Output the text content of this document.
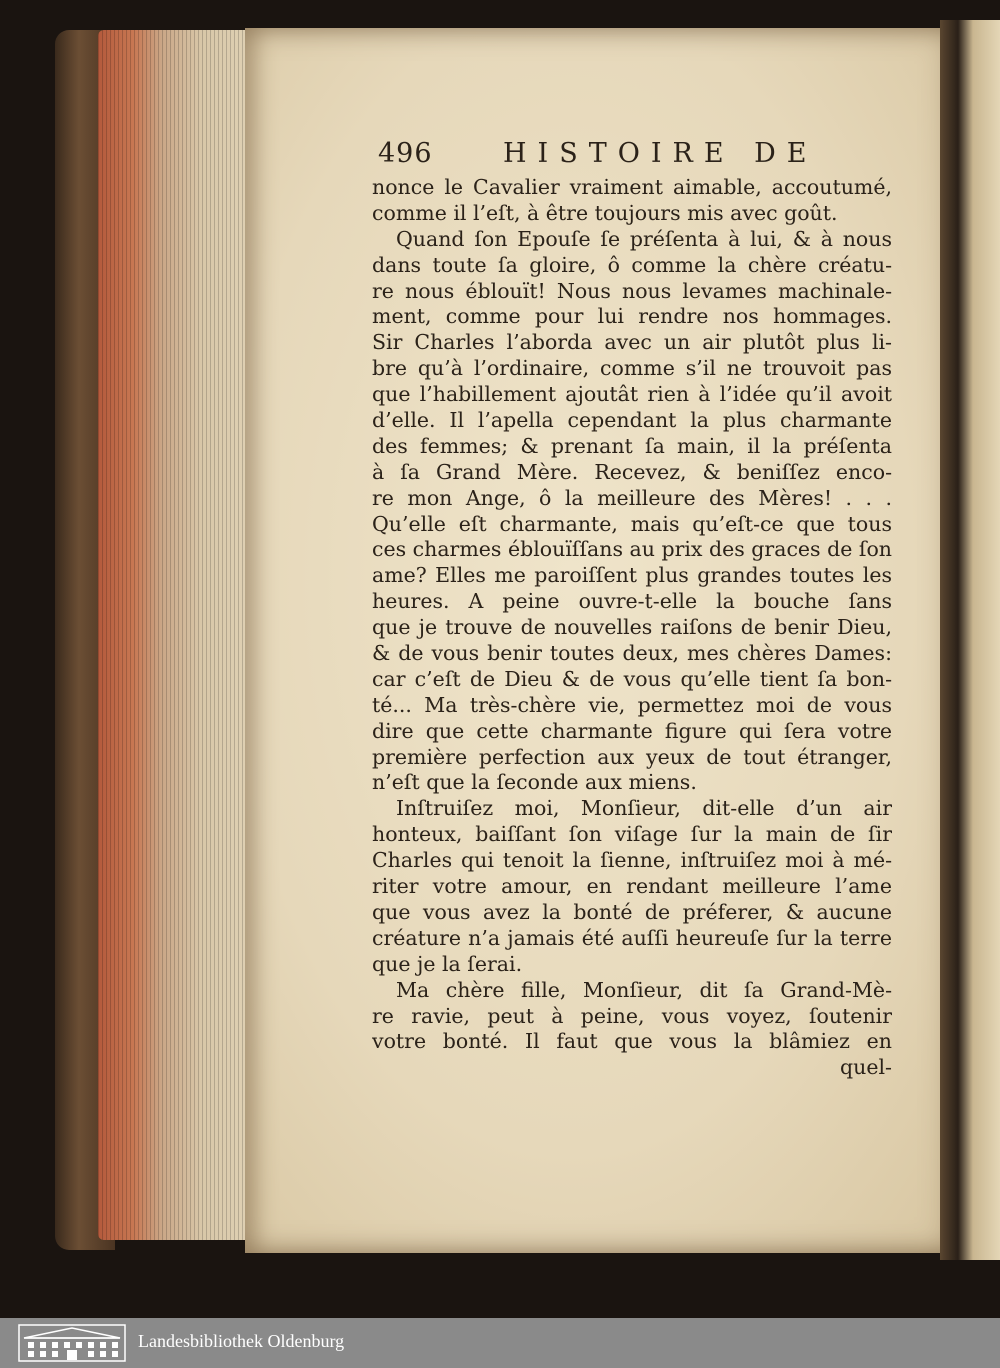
496	HISTOIRE DE
nonce le Cavalier vraiment aimable, accoutumé,
comme il l’eſt, à être toujours mis avec goût.
Quand ſon Epouſe ſe préſenta à lui, & à nous
dans toute ſa gloire, ô comme la chère créatu-
re nous éblouït! Nous nous levames machinale-
ment, comme pour lui rendre nos hommages.
Sir Charles l’aborda avec un air plutôt plus li-
bre qu’à l’ordinaire, comme s’il ne trouvoit pas
que l’habillement ajoutât rien à l’idée qu’il avoit
d’elle. Il l’apella cependant la plus charmante
des femmes; & prenant ſa main, il la préſenta
à ſa Grand Mère. Recevez, & beniſſez enco-
re mon Ange, ô la meilleure des Mères! . . .
Qu’elle eſt charmante, mais qu’eſt-ce que tous
ces charmes éblouïſſans au prix des graces de ſon
ame? Elles me paroiſſent plus grandes toutes les
heures. A peine ouvre-t-elle la bouche ſans
que je trouve de nouvelles raiſons de benir Dieu,
& de vous benir toutes deux, mes chères Dames:
car c’eſt de Dieu & de vous qu’elle tient ſa bon-
té... Ma très-chère vie, permettez moi de vous
dire que cette charmante figure qui ſera votre
première perfection aux yeux de tout étranger,
n’eſt que la ſeconde aux miens.
Inſtruiſez moi, Monſieur, dit-elle d’un air
honteux, baiſſant ſon viſage ſur la main de ſir
Charles qui tenoit la ſienne, inſtruiſez moi à mé-
riter votre amour, en rendant meilleure l’ame
que vous avez la bonté de préferer, & aucune
créature n’a jamais été auſſi heureuſe ſur la terre
que je la ſerai.
Ma chère fille, Monſieur, dit ſa Grand-Mè-
re ravie, peut à peine, vous voyez, ſoutenir
votre bonté. Il faut que vous la blâmiez en
quel-
Landesbibliothek Oldenburg
